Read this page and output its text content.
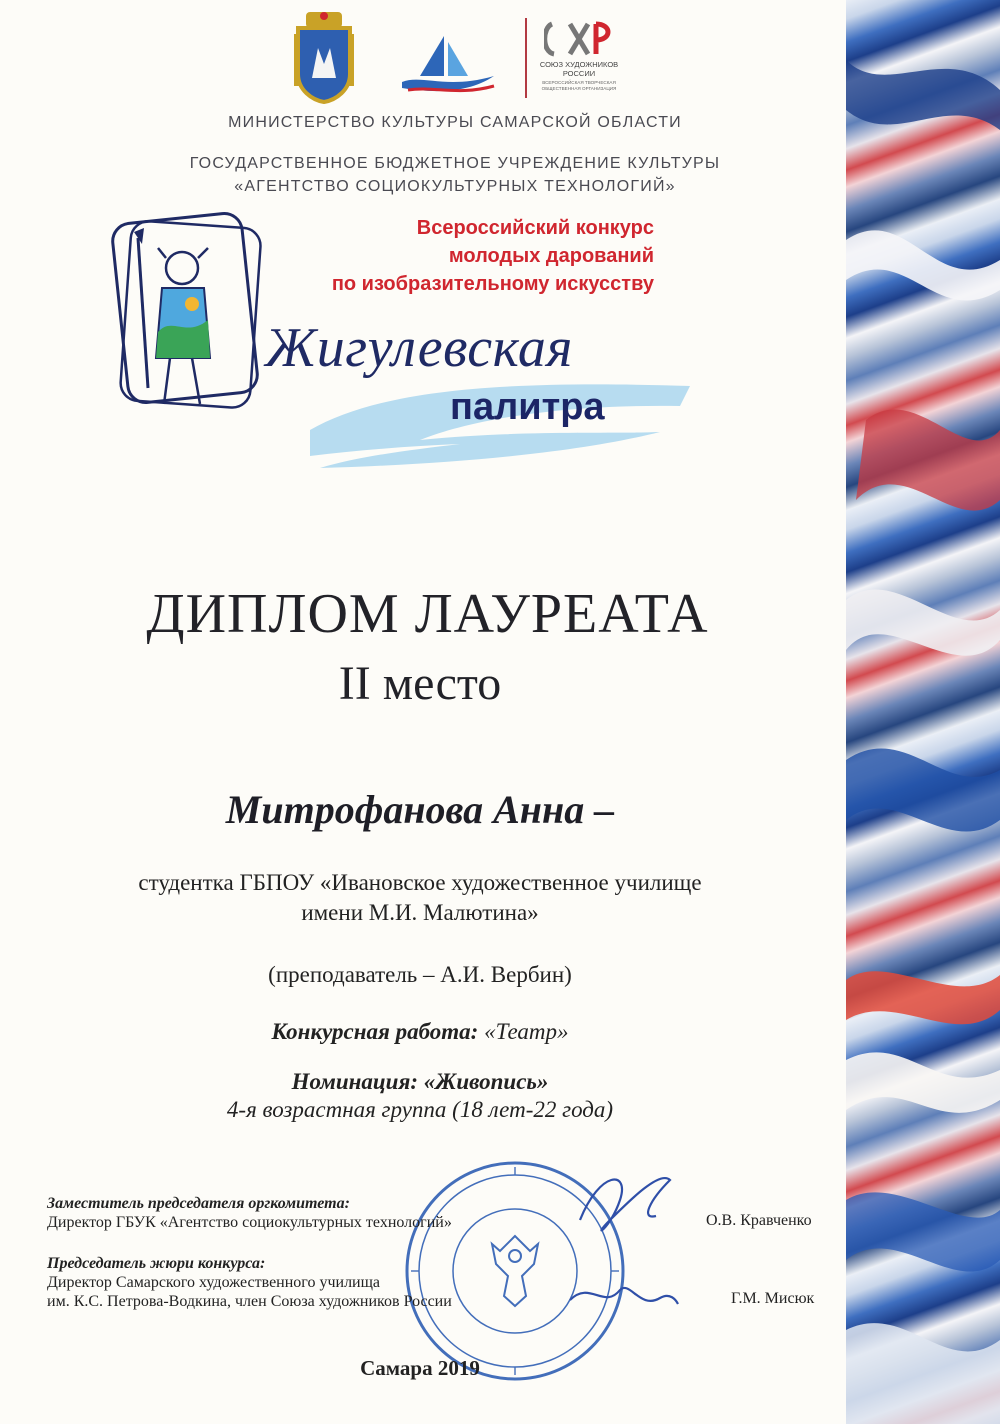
СОЮЗ ХУДОЖНИКОВ РОССИИ
ВСЕРОССИЙСКАЯ ТВОРЧЕСКАЯ ОБЩЕСТВЕННАЯ ОРГАНИЗАЦИЯ
МИНИСТЕРСТВО КУЛЬТУРЫ САМАРСКОЙ ОБЛАСТИ
ГОСУДАРСТВЕННОЕ БЮДЖЕТНОЕ УЧРЕЖДЕНИЕ КУЛЬТУРЫ
«АГЕНТСТВО СОЦИОКУЛЬТУРНЫХ ТЕХНОЛОГИЙ»
Всероссийский конкурс
молодых дарований
по изобразительному искусству
Жигулевская
палитра
ДИПЛОМ ЛАУРЕАТА
II место
Митрофанова Анна –
студентка ГБПОУ «Ивановское художественное училище
имени М.И. Малютина»
(преподаватель – А.И. Вербин)
Конкурсная работа: «Театр»
Номинация: «Живопись»
4-я возрастная группа (18 лет-22 года)
Заместитель председателя оргкомитета:
Директор ГБУК «Агентство социокультурных технологий»	О.В. Кравченко
Председатель жюри конкурса:
Директор Самарского художественного училища
им. К.С. Петрова-Водкина, член Союза художников России	Г.М. Мисюк
Самара 2019
